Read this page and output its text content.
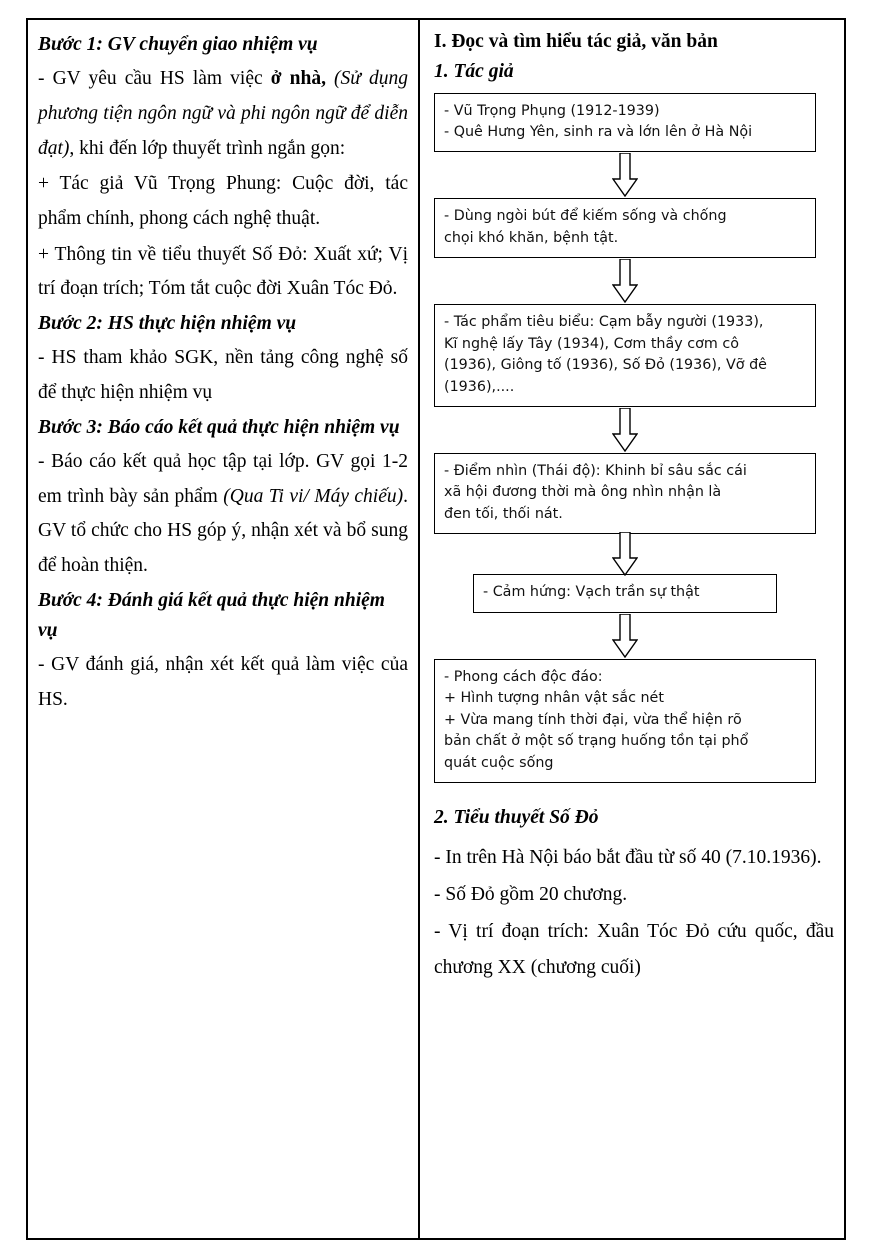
Bước 1: GV chuyển giao nhiệm vụ
- GV yêu cầu HS làm việc ở nhà, (Sử dụng phương tiện ngôn ngữ và phi ngôn ngữ để diễn đạt), khi đến lớp thuyết trình ngắn gọn:
+ Tác giả Vũ Trọng Phung: Cuộc đời, tác phẩm chính, phong cách nghệ thuật.
+ Thông tin về tiểu thuyết Số Đỏ: Xuất xứ; Vị trí đoạn trích; Tóm tắt cuộc đời Xuân Tóc Đỏ.
Bước 2: HS thực hiện nhiệm vụ
- HS tham khảo SGK, nền tảng công nghệ số để thực hiện nhiệm vụ
Bước 3: Báo cáo kết quả thực hiện nhiệm vụ
- Báo cáo kết quả học tập tại lớp. GV gọi 1-2 em trình bày sản phẩm (Qua Ti vi/ Máy chiếu). GV tổ chức cho HS góp ý, nhận xét và bổ sung để hoàn thiện.
Bước 4: Đánh giá kết quả thực hiện nhiệm vụ
- GV đánh giá, nhận xét kết quả làm việc của HS.
I. Đọc và tìm hiểu tác giả, văn bản
1. Tác giả
- Vũ Trọng Phụng (1912-1939)
- Quê Hưng Yên, sinh ra và lớn lên ở Hà Nội
- Dùng ngòi bút để kiếm sống và chống
chọi khó khăn, bệnh tật.
- Tác phẩm tiêu biểu: Cạm bẫy người (1933),
Kĩ nghệ lấy Tây (1934), Cơm thầy cơm cô
(1936), Giông tố (1936), Số Đỏ (1936), Vỡ đê
(1936),....
- Điểm nhìn (Thái độ): Khinh bỉ sâu sắc cái
xã hội đương thời mà ông nhìn nhận là
đen tối, thối nát.
- Cảm hứng: Vạch trần sự thật
- Phong cách độc đáo:
+ Hình tượng nhân vật sắc nét
+ Vừa mang tính thời đại, vừa thể hiện rõ
bản chất ở một số trạng huống tồn tại phổ
quát cuộc sống
2. Tiểu thuyết Số Đỏ
- In trên Hà Nội báo bắt đầu từ số 40 (7.10.1936).
- Số Đỏ gồm 20 chương.
- Vị trí đoạn trích: Xuân Tóc Đỏ cứu quốc, đầu chương XX (chương cuối)
